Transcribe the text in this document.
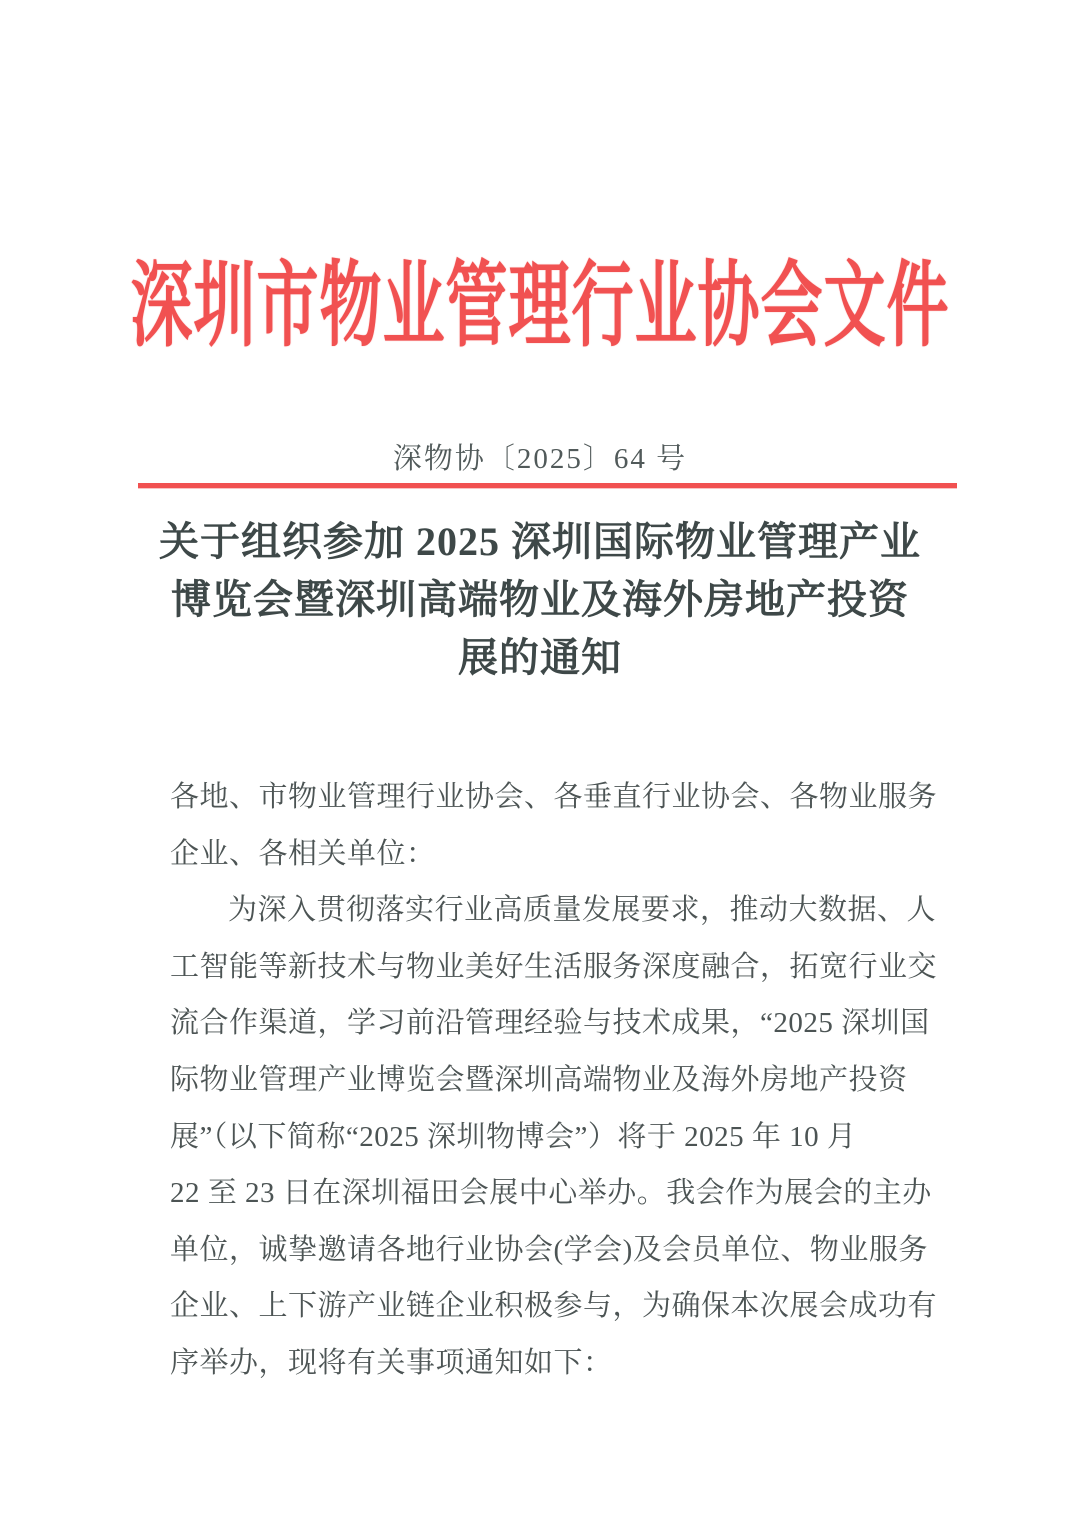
深圳市物业管理行业协会文件
深物协〔2025〕64 号
关于组织参加 2025 深圳国际物业管理产业
博览会暨深圳高端物业及海外房地产投资
展的通知
各地、市物业管理行业协会、各垂直行业协会、各物业服务
企业、各相关单位：
为深入贯彻落实行业高质量发展要求，推动大数据、人
工智能等新技术与物业美好生活服务深度融合，拓宽行业交
流合作渠道，学习前沿管理经验与技术成果，“2025 深圳国
际物业管理产业博览会暨深圳高端物业及海外房地产投资
展”（以下简称“2025 深圳物博会”）将于 2025 年 10 月
22 至 23 日在深圳福田会展中心举办。我会作为展会的主办
单位，诚挚邀请各地行业协会(学会)及会员单位、物业服务
企业、上下游产业链企业积极参与，为确保本次展会成功有
序举办，现将有关事项通知如下：
